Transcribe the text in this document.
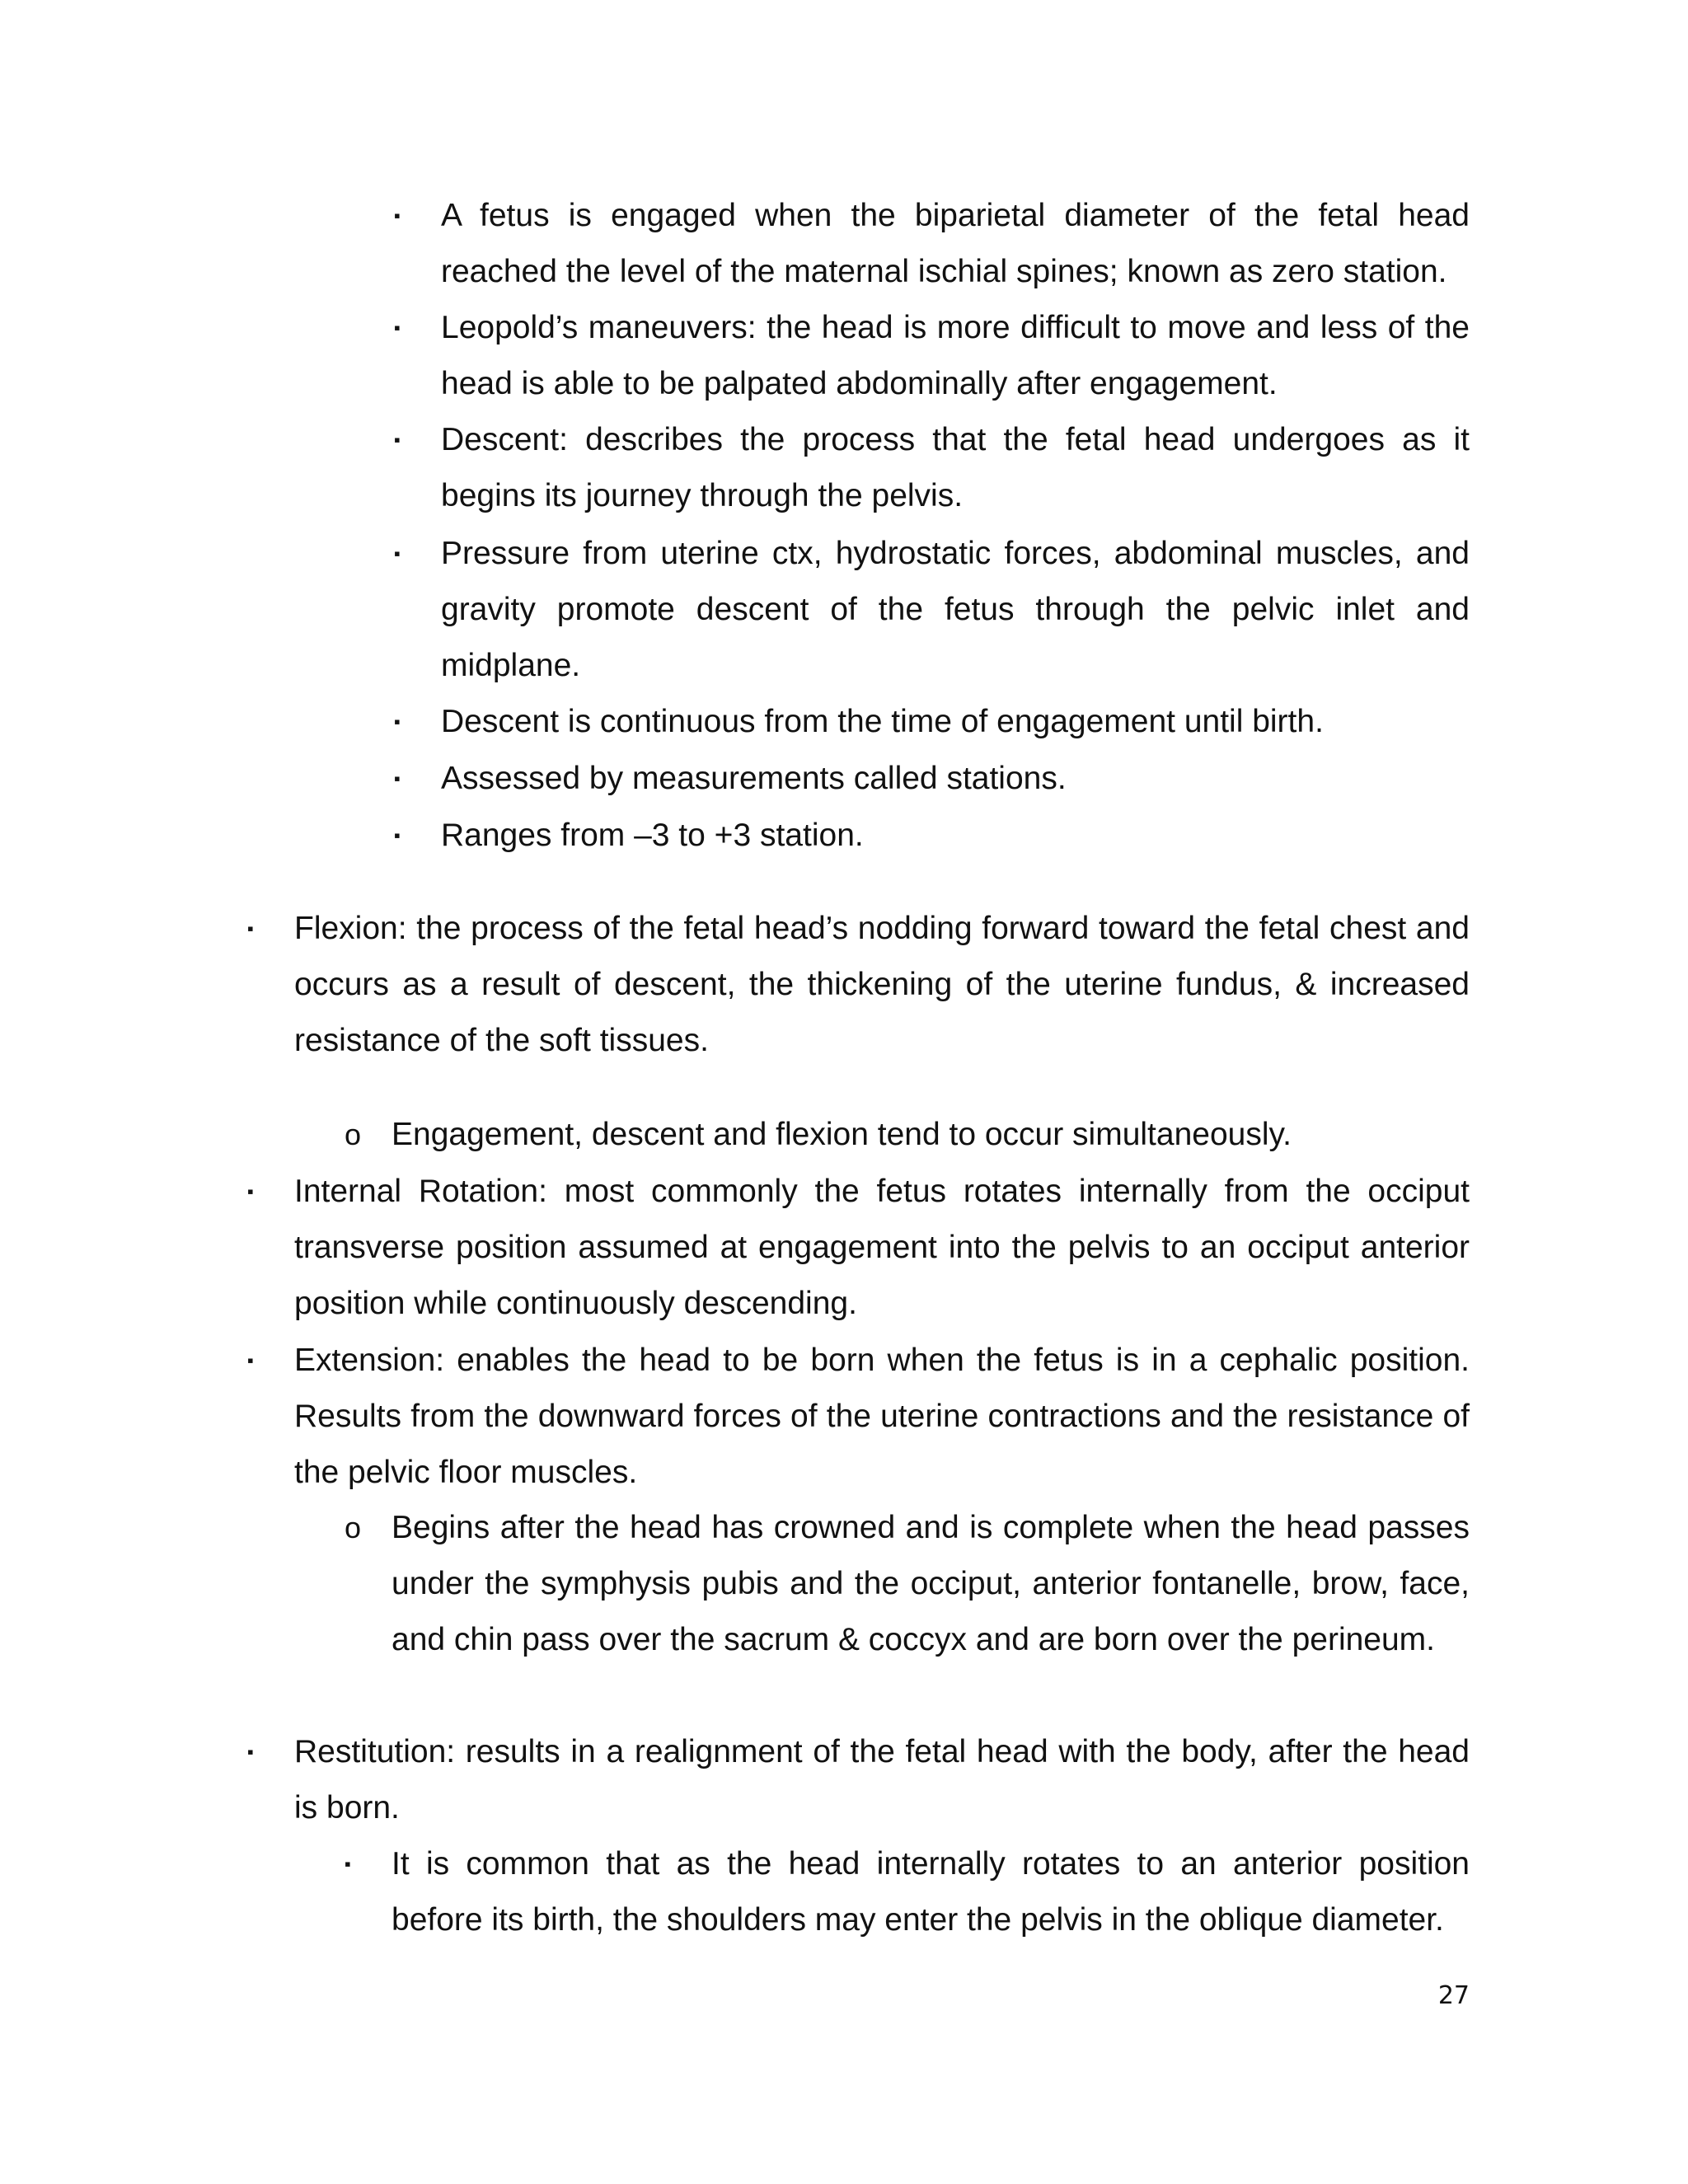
▪ A fetus is engaged when the biparietal diameter of the fetal head reached the level of the maternal ischial spines; known as zero station.
▪ Leopold’s maneuvers: the head is more difficult to move and less of the head is able to be palpated abdominally after engagement.
▪ Descent: describes the process that the fetal head undergoes as it begins its journey through the pelvis.
▪ Pressure from uterine ctx, hydrostatic forces, abdominal muscles, and gravity promote descent of the fetus through the pelvic inlet and midplane.
▪ Descent is continuous from the time of engagement until birth.
▪ Assessed by measurements called stations.
▪ Ranges from –3 to +3 station.
▪ Flexion: the process of the fetal head’s nodding forward toward the fetal chest and occurs as a result of descent, the thickening of the uterine fundus, & increased resistance of the soft tissues.
o Engagement, descent and flexion tend to occur simultaneously.
▪ Internal Rotation: most commonly the fetus rotates internally from the occiput transverse position assumed at engagement into the pelvis to an occiput anterior position while continuously descending.
▪ Extension: enables the head to be born when the fetus is in a cephalic position. Results from the downward forces of the uterine contractions and the resistance of the pelvic floor muscles.
o Begins after the head has crowned and is complete when the head passes under the symphysis pubis and the occiput, anterior fontanelle, brow, face, and chin pass over the sacrum & coccyx and are born over the perineum.
▪ Restitution: results in a realignment of the fetal head with the body, after the head is born.
▪ It is common that as the head internally rotates to an anterior position before its birth, the shoulders may enter the pelvis in the oblique diameter.
27
